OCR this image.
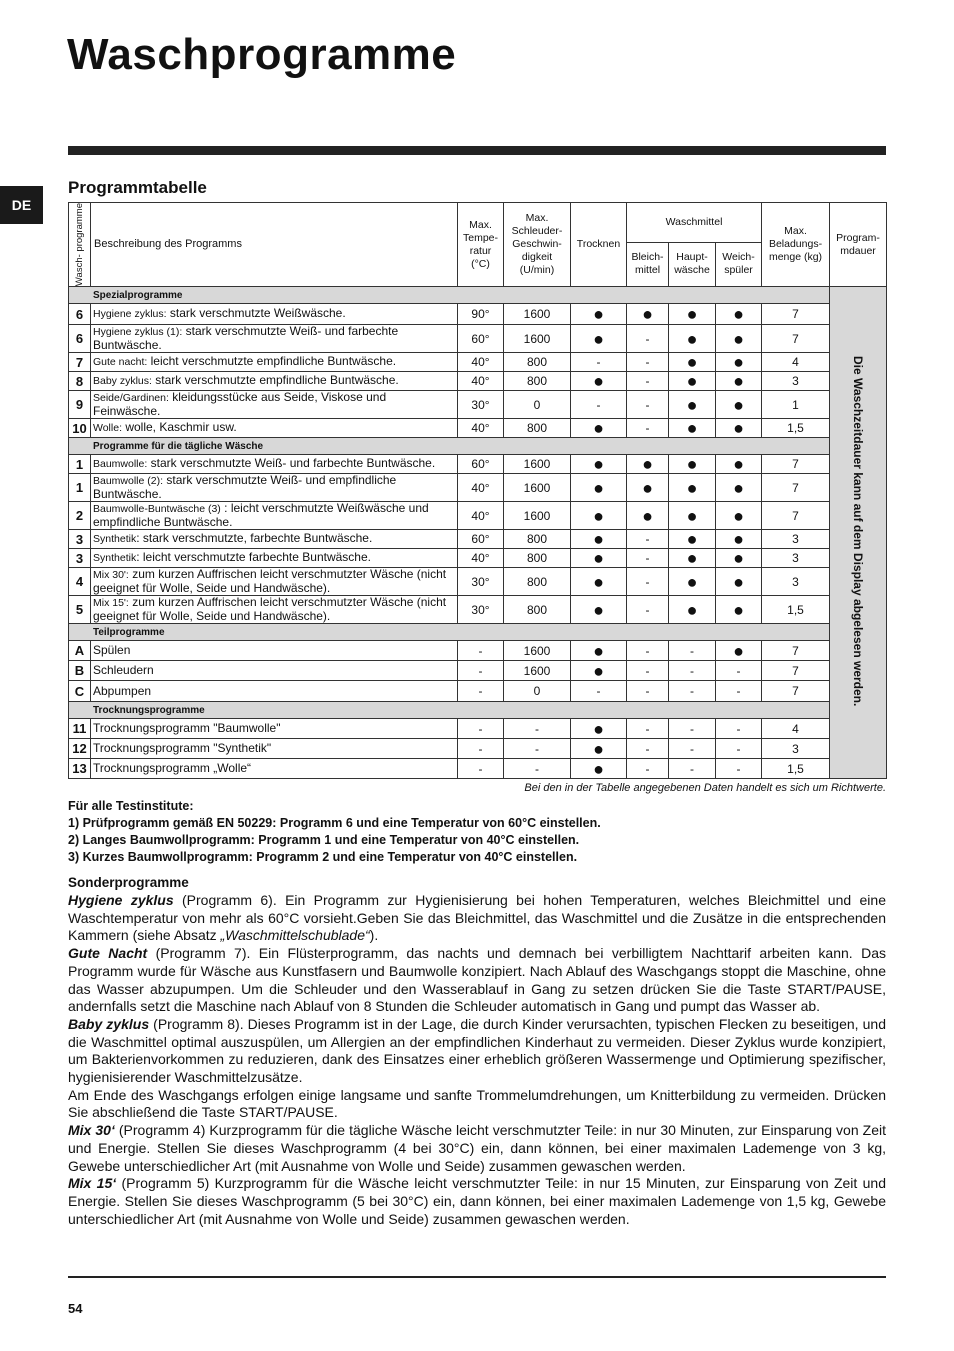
Waschprogramme
DE
Programmtabelle
Wasch- programme	Beschreibung des Programms	Max. Tempe- ratur (°C)	Max. Schleuder- Geschwin- digkeit (U/min)	Trocknen	Waschmittel			Max. Beladungs- menge (kg)	Program- mdauer
					Bleich- mittel	Haupt- wäsche	Weich- spüler		
Spezialprogramme									Die Waschzeitdauer kann auf dem Display abgelesen werden.
6	Hygiene zyklus: stark verschmutzte Weißwäsche.	90°	1600	●	●	●	●	7	
6	Hygiene zyklus (1): stark verschmutzte Weiß- und farbechte Buntwäsche.	60°	1600	●	-	●	●	7	
7	Gute nacht: leicht verschmutzte empfindliche Buntwäsche.	40°	800	-	-	●	●	4	
8	Baby zyklus: stark verschmutzte empfindliche Buntwäsche.	40°	800	●	-	●	●	3	
9	Seide/Gardinen: kleidungsstücke aus Seide, Viskose und Feinwäsche.	30°	0	-	-	●	●	1	
10	Wolle: wolle, Kaschmir usw.	40°	800	●	-	●	●	1,5	
Programme für die tägliche Wäsche									
1	Baumwolle: stark verschmutzte Weiß- und farbechte Buntwäsche.	60°	1600	●	●	●	●	7	
1	Baumwolle (2): stark verschmutzte Weiß- und empfindliche Buntwäsche.	40°	1600	●	●	●	●	7	
2	Baumwolle-Buntwäsche (3) : leicht verschmutzte Weißwäsche und empfindliche Buntwäsche.	40°	1600	●	●	●	●	7	
3	Synthetik: stark verschmutzte, farbechte Buntwäsche.	60°	800	●	-	●	●	3	
3	Synthetik: leicht verschmutzte farbechte Buntwäsche.	40°	800	●	-	●	●	3	
4	Mix 30': zum kurzen Auffrischen leicht verschmutzter Wäsche (nicht geeignet für Wolle, Seide und Handwäsche).	30°	800	●	-	●	●	3	
5	Mix 15': zum kurzen Auffrischen leicht verschmutzter Wäsche (nicht geeignet für Wolle, Seide und Handwäsche).	30°	800	●	-	●	●	1,5	
Teilprogramme									
A	Spülen	-	1600	●	-	-	●	7	
B	Schleudern	-	1600	●	-	-	-	7	
C	Abpumpen	-	0	-	-	-	-	7	
Trocknungsprogramme									
11	Trocknungsprogramm "Baumwolle"	-	-	●	-	-	-	4	
12	Trocknungsprogramm "Synthetik"	-	-	●	-	-	-	3	
13	Trocknungsprogramm „Wolle“	-	-	●	-	-	-	1,5	
Bei den in der Tabelle angegebenen Daten handelt es sich um Richtwerte.
Für alle Testinstitute:
1) Prüfprogramm gemäß EN 50229: Programm 6 und eine Temperatur von 60°C einstellen.
2) Langes Baumwollprogramm: Programm 1 und eine Temperatur von 40°C einstellen.
3) Kurzes Baumwollprogramm: Programm 2 und eine Temperatur von 40°C einstellen.
Sonderprogramme

Hygiene zyklus (Programm 6). Ein Programm zur Hygienisierung bei hohen Temperaturen, welches Bleichmittel und eine Waschtemperatur von mehr als 60°C vorsieht.Geben Sie das Bleichmittel, das Waschmittel und die Zusätze in die entsprechenden Kammern (siehe Absatz „Waschmittelschublade“).

Gute Nacht (Programm 7). Ein Flüsterprogramm, das nachts und demnach bei verbilligtem Nachttarif arbeiten kann. Das Programm wurde für Wäsche aus Kunstfasern und Baumwolle konzipiert. Nach Ablauf des Waschgangs stoppt die Maschine, ohne das Wasser abzupumpen. Um die Schleuder und den Wasserablauf in Gang zu setzen drücken Sie die Taste START/PAUSE, andernfalls setzt die Maschine nach Ablauf von 8 Stunden die Schleuder automatisch in Gang und pumpt das Wasser ab.

Baby zyklus (Programm 8). Dieses Programm ist in der Lage, die durch Kinder verursachten, typischen Flecken zu beseitigen, und die Waschmittel optimal auszuspülen, um Allergien an der empfindlichen Kinderhaut zu vermeiden. Dieser Zyklus wurde konzipiert, um Bakterienvorkommen zu reduzieren, dank des Einsatzes einer erheblich größeren Wassermenge und Optimierung spezifischer, hygienisierender Waschmittelzusätze.

Am Ende des Waschgangs erfolgen einige langsame und sanfte Trommelumdrehungen, um Knitterbildung zu vermeiden. Drücken Sie abschließend die Taste START/PAUSE.

Mix 30‘ (Programm 4) Kurzprogramm für die tägliche Wäsche leicht verschmutzter Teile: in nur 30 Minuten, zur Einsparung von Zeit und Energie. Stellen Sie dieses Waschprogramm (4 bei 30°C) ein, dann können, bei einer maximalen Lademenge von 3 kg, Gewebe unterschiedlicher Art (mit Ausnahme von Wolle und Seide) zusammen gewaschen werden.

Mix 15‘ (Programm 5) Kurzprogramm für die Wäsche leicht verschmutzter Teile: in nur 15 Minuten, zur Einsparung von Zeit und Energie. Stellen Sie dieses Waschprogramm (5 bei 30°C) ein, dann können, bei einer maximalen Lademenge von 1,5 kg, Gewebe unterschiedlicher Art (mit Ausnahme von Wolle und Seide) zusammen gewaschen werden.

54
